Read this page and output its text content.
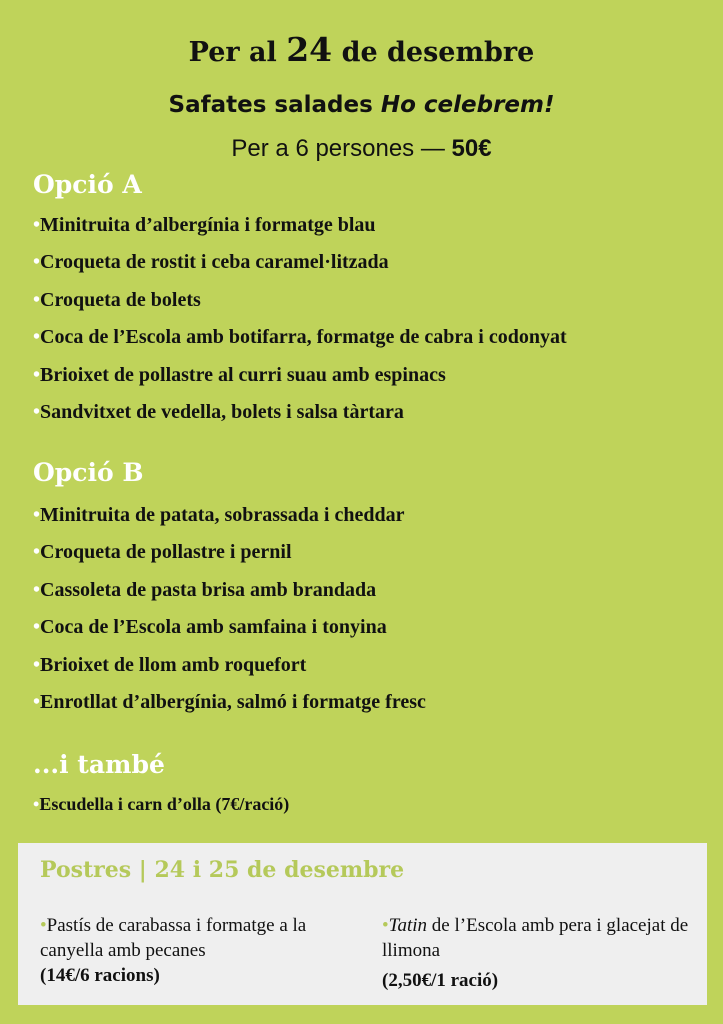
Per al 24 de desembre
Safates salades Ho celebrem!
Per a 6 persones — 50€
Opció A
•Minitruita d’albergínia i formatge blau
•Croqueta de rostit i ceba caramel·litzada
•Croqueta de bolets
•Coca de l’Escola amb botifarra, formatge de cabra i codonyat
•Brioixet de pollastre al curri suau amb espinacs
•Sandvitxet de vedella, bolets i salsa tàrtara
Opció B
•Minitruita de patata, sobrassada i cheddar
•Croqueta de pollastre i pernil
•Cassoleta de pasta brisa amb brandada
•Coca de l’Escola amb samfaina i tonyina
•Brioixet de llom amb roquefort
•Enrotllat d’albergínia, salmó i formatge fresc
...i també
•Escudella i carn d’olla (7€/ració)
Postres | 24 i 25 de desembre
•Pastís de carabassa i formatge a la canyella amb pecanes
(14€/6 racions)
•Tatin de l’Escola amb pera i glacejat de llimona
(2,50€/1 ració)
